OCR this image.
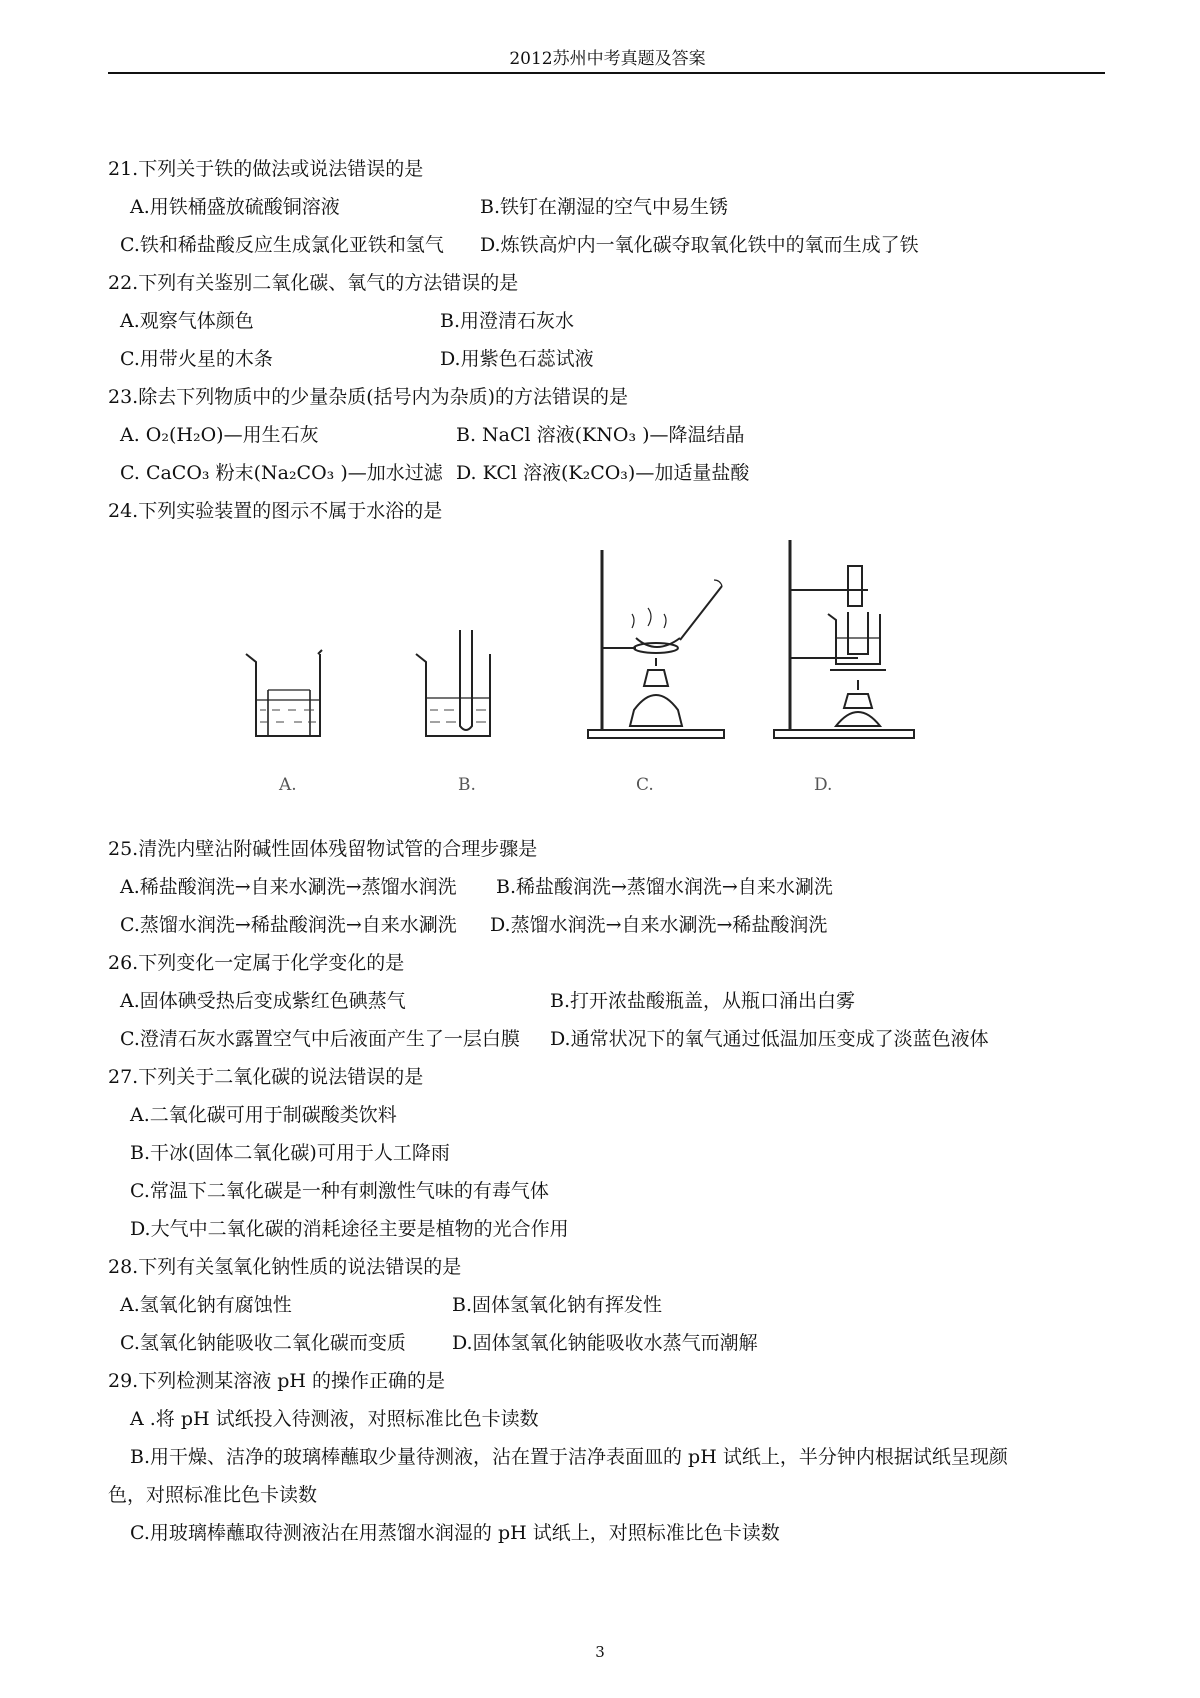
2012苏州中考真题及答案
21.下列关于铁的做法或说法错误的是
A.用铁桶盛放硫酸铜溶液	B.铁钉在潮湿的空气中易生锈
C.铁和稀盐酸反应生成氯化亚铁和氢气 D.炼铁高炉内一氧化碳夺取氧化铁中的氧而生成了铁
22.下列有关鉴别二氧化碳、氧气的方法错误的是
A.观察气体颜色	B.用澄清石灰水
C.用带火星的木条	D.用紫色石蕊试液
23.除去下列物质中的少量杂质(括号内为杂质)的方法错误的是
A. O₂(H₂O)—用生石灰	B. NaCl 溶液(KNO₃ )—降温结晶
C. CaCO₃ 粉末(Na₂CO₃ )—加水过滤 D. KCl 溶液(K₂CO₃)—加适量盐酸
24.下列实验装置的图示不属于水浴的是
A.	B.	C.	D.
25.清洗内壁沾附碱性固体残留物试管的合理步骤是
A.稀盐酸润洗→自来水涮洗→蒸馏水润洗 B.稀盐酸润洗→蒸馏水润洗→自来水涮洗
C.蒸馏水润洗→稀盐酸润洗→自来水涮洗 D.蒸馏水润洗→自来水涮洗→稀盐酸润洗
26.下列变化一定属于化学变化的是
A.固体碘受热后变成紫红色碘蒸气	B.打开浓盐酸瓶盖，从瓶口涌出白雾
C.澄清石灰水露置空气中后液面产生了一层白膜 D.通常状况下的氧气通过低温加压变成了淡蓝色液体
27.下列关于二氧化碳的说法错误的是
A.二氧化碳可用于制碳酸类饮料
B.干冰(固体二氧化碳)可用于人工降雨
C.常温下二氧化碳是一种有刺激性气味的有毒气体
D.大气中二氧化碳的消耗途径主要是植物的光合作用
28.下列有关氢氧化钠性质的说法错误的是
A.氢氧化钠有腐蚀性	B.固体氢氧化钠有挥发性
C.氢氧化钠能吸收二氧化碳而变质 D.固体氢氧化钠能吸收水蒸气而潮解
29.下列检测某溶液 pH 的操作正确的是
A .将 pH 试纸投入待测液，对照标准比色卡读数
B.用干燥、洁净的玻璃棒蘸取少量待测液，沾在置于洁净表面皿的 pH 试纸上，半分钟内根据试纸呈现颜
色，对照标准比色卡读数
C.用玻璃棒蘸取待测液沾在用蒸馏水润湿的 pH 试纸上，对照标准比色卡读数
3
